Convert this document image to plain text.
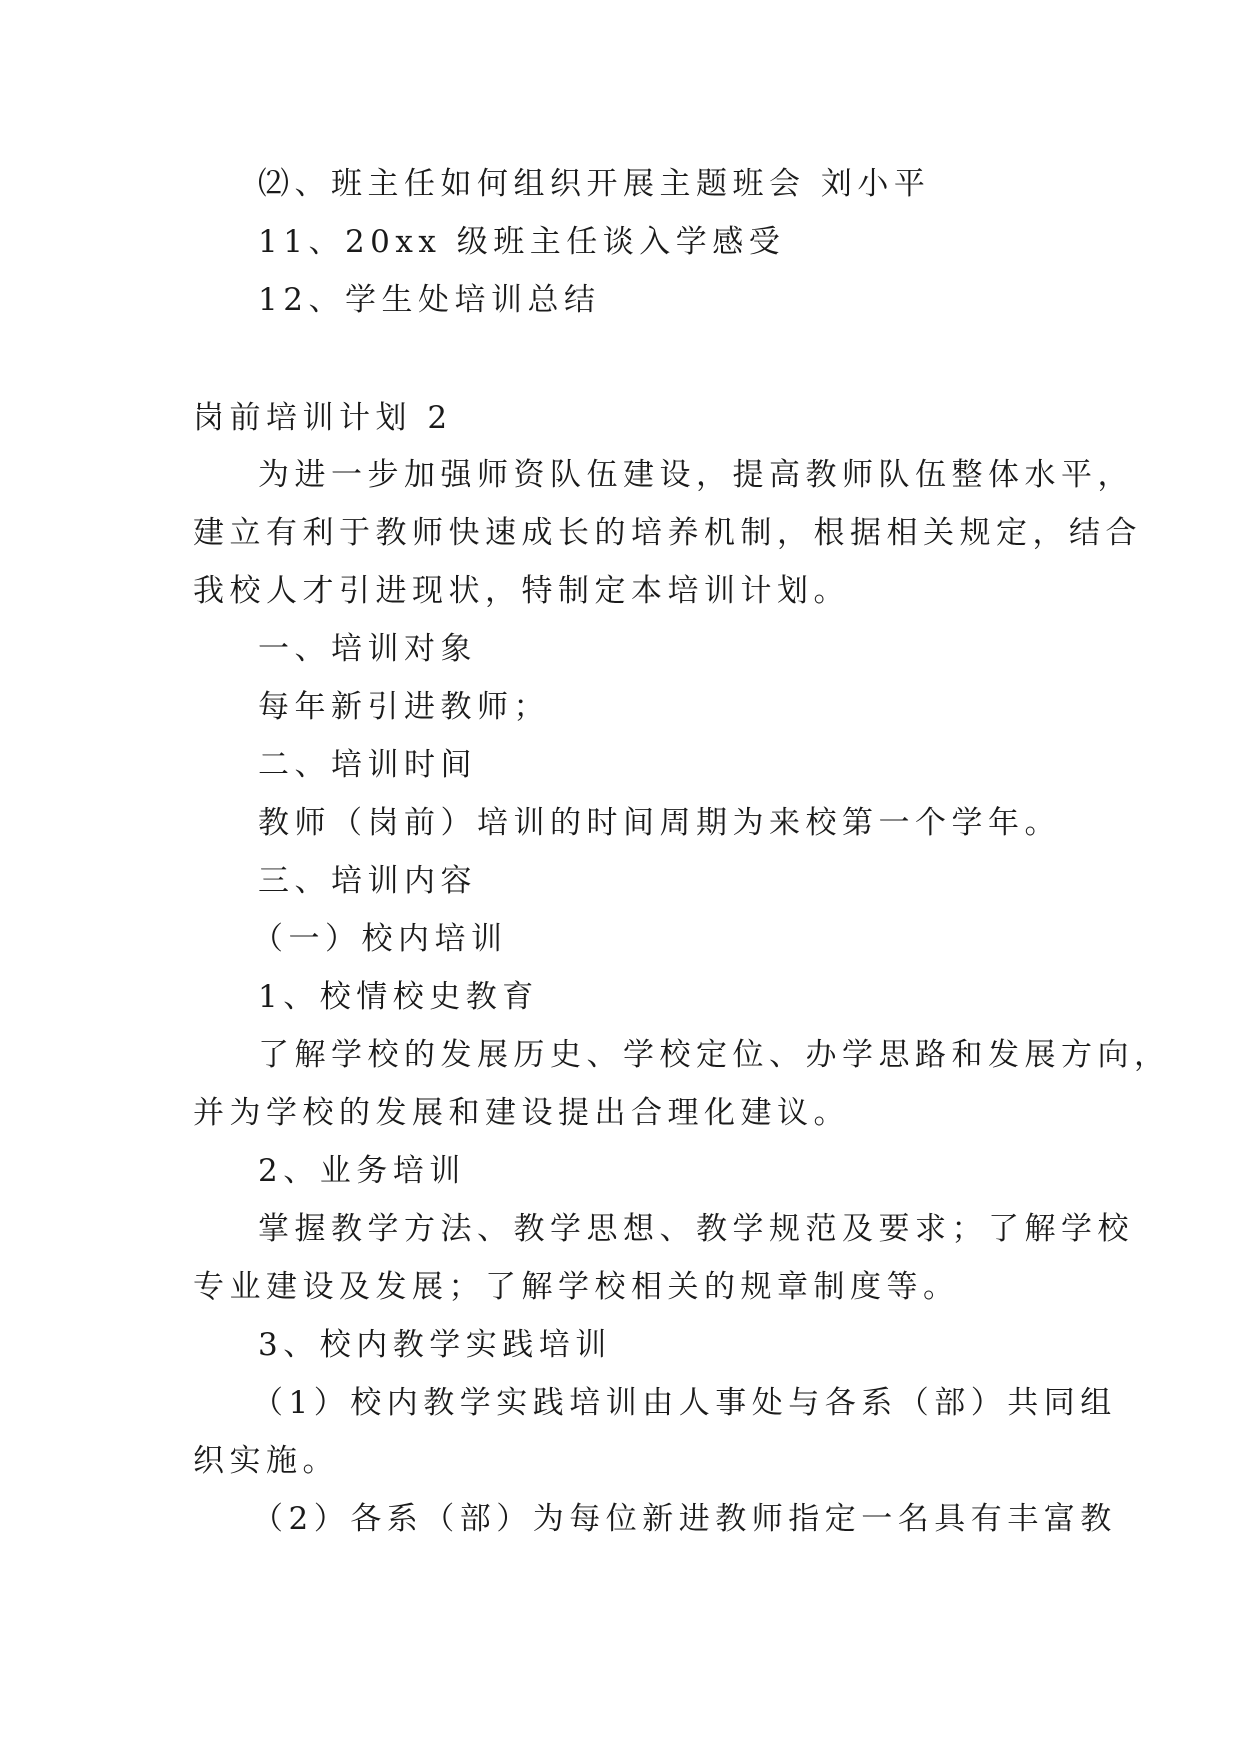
⑵、班主任如何组织开展主题班会 刘小平
11、20xx 级班主任谈入学感受
12、学生处培训总结
岗前培训计划 2
为进一步加强师资队伍建设，提高教师队伍整体水平，
建立有利于教师快速成长的培养机制，根据相关规定，结合
我校人才引进现状，特制定本培训计划。
一、培训对象
每年新引进教师；
二、培训时间
教师（岗前）培训的时间周期为来校第一个学年。
三、培训内容
（一）校内培训
1、校情校史教育
了解学校的发展历史、学校定位、办学思路和发展方向，
并为学校的发展和建设提出合理化建议。
2、业务培训
掌握教学方法、教学思想、教学规范及要求；了解学校
专业建设及发展；了解学校相关的规章制度等。
3、校内教学实践培训
（1）校内教学实践培训由人事处与各系（部）共同组
织实施。
（2）各系（部）为每位新进教师指定一名具有丰富教
